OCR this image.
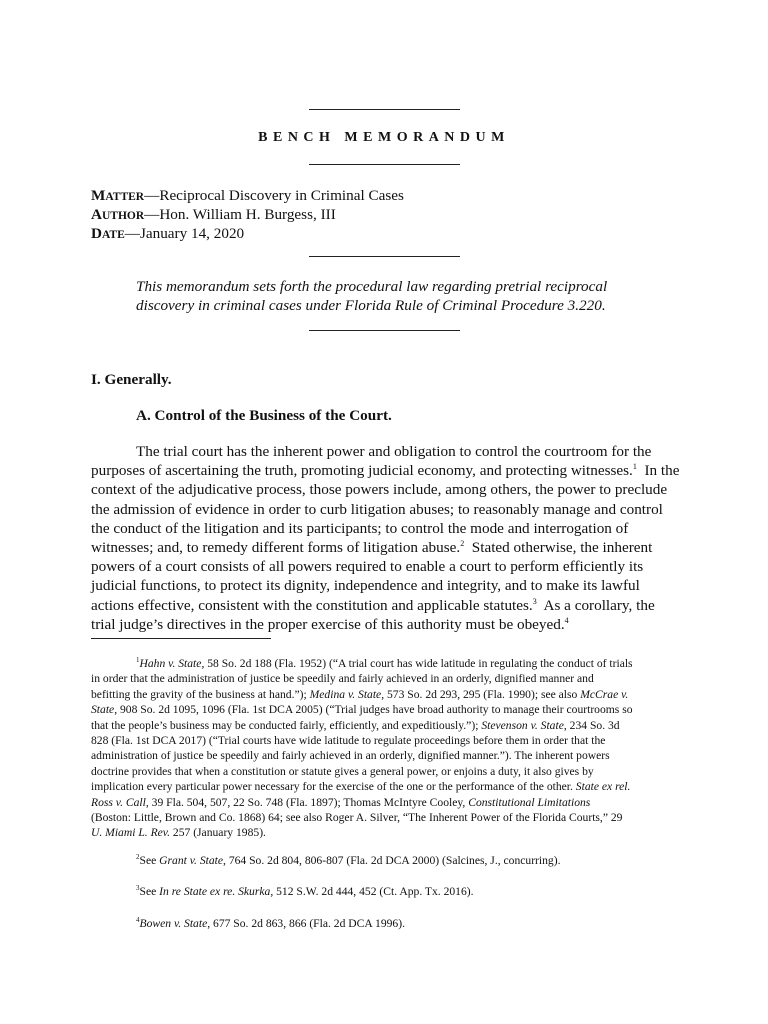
BENCH MEMORANDUM
MATTER—Reciprocal Discovery in Criminal Cases
AUTHOR—Hon. William H. Burgess, III
DATE—January 14, 2020
This memorandum sets forth the procedural law regarding pretrial reciprocal
discovery in criminal cases under Florida Rule of Criminal Procedure 3.220.
I. Generally.
A. Control of the Business of the Court.
The trial court has the inherent power and obligation to control the courtroom for the
purposes of ascertaining the truth, promoting judicial economy, and protecting witnesses.$^1$ In the
context of the adjudicative process, those powers include, among others, the power to preclude
the admission of evidence in order to curb litigation abuses; to reasonably manage and control
the conduct of the litigation and its participants; to control the mode and interrogation of
witnesses; and, to remedy different forms of litigation abuse.$^2$ Stated otherwise, the inherent
powers of a court consists of all powers required to enable a court to perform efficiently its
judicial functions, to protect its dignity, independence and integrity, and to make its lawful
actions effective, consistent with the constitution and applicable statutes.$^3$ As a corollary, the
trial judge’s directives in the proper exercise of this authority must be obeyed.$^4$
$^1$Hahn v. State, 58 So. 2d 188 (Fla. 1952) (“A trial court has wide latitude in regulating the conduct of trials
in order that the administration of justice be speedily and fairly achieved in an orderly, dignified manner and
befitting the gravity of the business at hand.”); Medina v. State, 573 So. 2d 293, 295 (Fla. 1990); see also McCrae v.
State, 908 So. 2d 1095, 1096 (Fla. 1st DCA 2005) (“Trial judges have broad authority to manage their courtrooms so
that the people’s business may be conducted fairly, efficiently, and expeditiously.”); Stevenson v. State, 234 So. 3d
828 (Fla. 1st DCA 2017) (“Trial courts have wide latitude to regulate proceedings before them in order that the
administration of justice be speedily and fairly achieved in an orderly, dignified manner.”). The inherent powers
doctrine provides that when a constitution or statute gives a general power, or enjoins a duty, it also gives by
implication every particular power necessary for the exercise of the one or the performance of the other. State ex rel.
Ross v. Call, 39 Fla. 504, 507, 22 So. 748 (Fla. 1897); Thomas McIntyre Cooley, Constitutional Limitations
(Boston: Little, Brown and Co. 1868) 64; see also Roger A. Silver, “The Inherent Power of the Florida Courts,” 29
U. Miami L. Rev. 257 (January 1985).
$^2$See Grant v. State, 764 So. 2d 804, 806-807 (Fla. 2d DCA 2000) (Salcines, J., concurring).
$^3$See In re State ex re. Skurka, 512 S.W. 2d 444, 452 (Ct. App. Tx. 2016).
$^4$Bowen v. State, 677 So. 2d 863, 866 (Fla. 2d DCA 1996).
